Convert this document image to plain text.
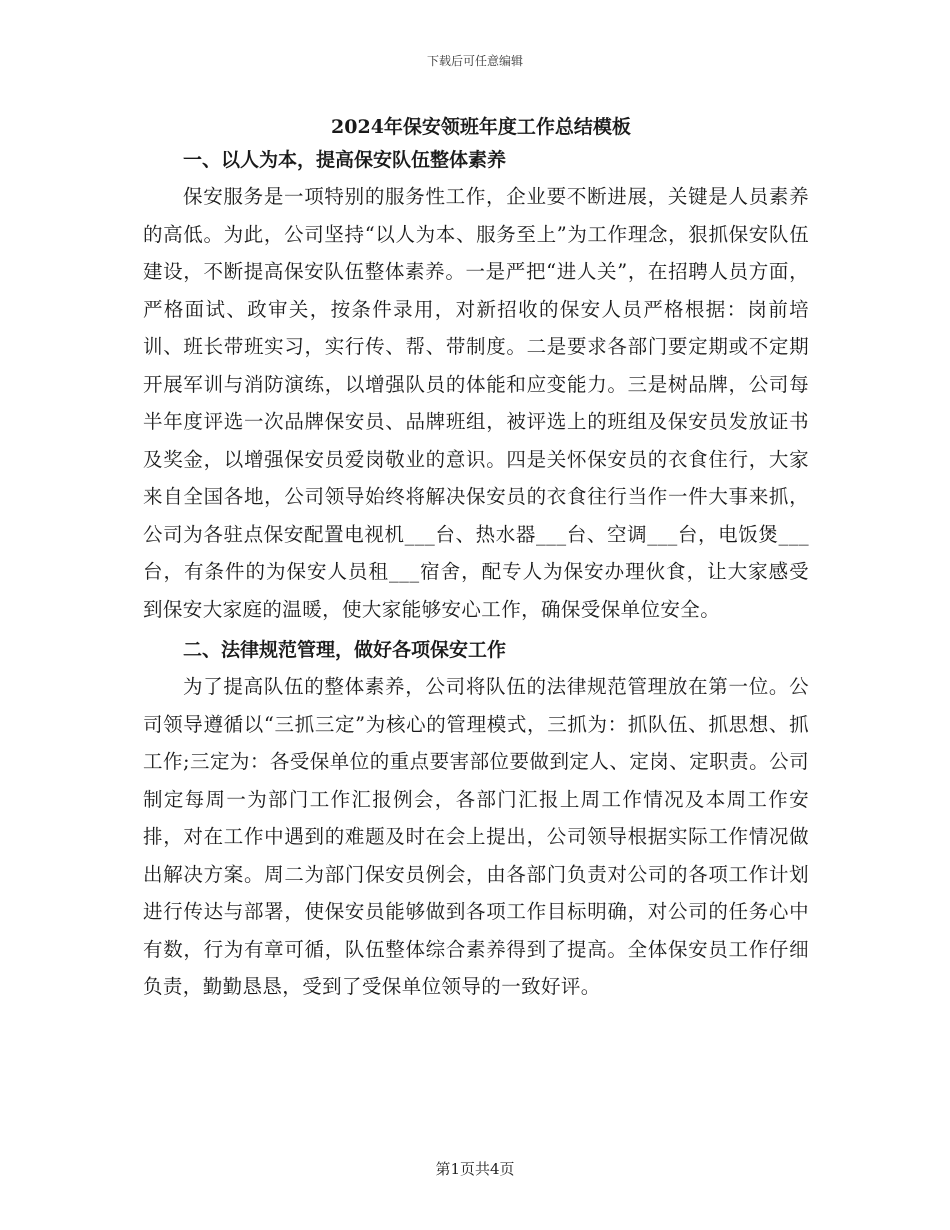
下载后可任意编辑
2024年保安领班年度工作总结模板
一、以人为本，提高保安队伍整体素养

保安服务是一项特别的服务性工作，企业要不断进展，关键是人员素养的高低。为此，公司坚持“以人为本、服务至上”为工作理念，狠抓保安队伍建设，不断提高保安队伍整体素养。一是严把“进人关”，在招聘人员方面，严格面试、政审关，按条件录用，对新招收的保安人员严格根据：岗前培训、班长带班实习，实行传、帮、带制度。二是要求各部门要定期或不定期开展军训与消防演练，以增强队员的体能和应变能力。三是树品牌，公司每半年度评选一次品牌保安员、品牌班组，被评选上的班组及保安员发放证书及奖金，以增强保安员爱岗敬业的意识。四是关怀保安员的衣食住行，大家来自全国各地，公司领导始终将解决保安员的衣食往行当作一件大事来抓，公司为各驻点保安配置电视机___台、热水器___台、空调___台，电饭煲___台，有条件的为保安人员租___宿舍，配专人为保安办理伙食，让大家感受到保安大家庭的温暖，使大家能够安心工作，确保受保单位安全。

二、法律规范管理，做好各项保安工作

为了提高队伍的整体素养，公司将队伍的法律规范管理放在第一位。公司领导遵循以“三抓三定”为核心的管理模式，三抓为：抓队伍、抓思想、抓工作;三定为：各受保单位的重点要害部位要做到定人、定岗、定职责。公司制定每周一为部门工作汇报例会，各部门汇报上周工作情况及本周工作安排，对在工作中遇到的难题及时在会上提出，公司领导根据实际工作情况做出解决方案。周二为部门保安员例会，由各部门负责对公司的各项工作计划进行传达与部署，使保安员能够做到各项工作目标明确，对公司的任务心中有数，行为有章可循，队伍整体综合素养得到了提高。全体保安员工作仔细负责，勤勤恳恳，受到了受保单位领导的一致好评。

第1页共4页
